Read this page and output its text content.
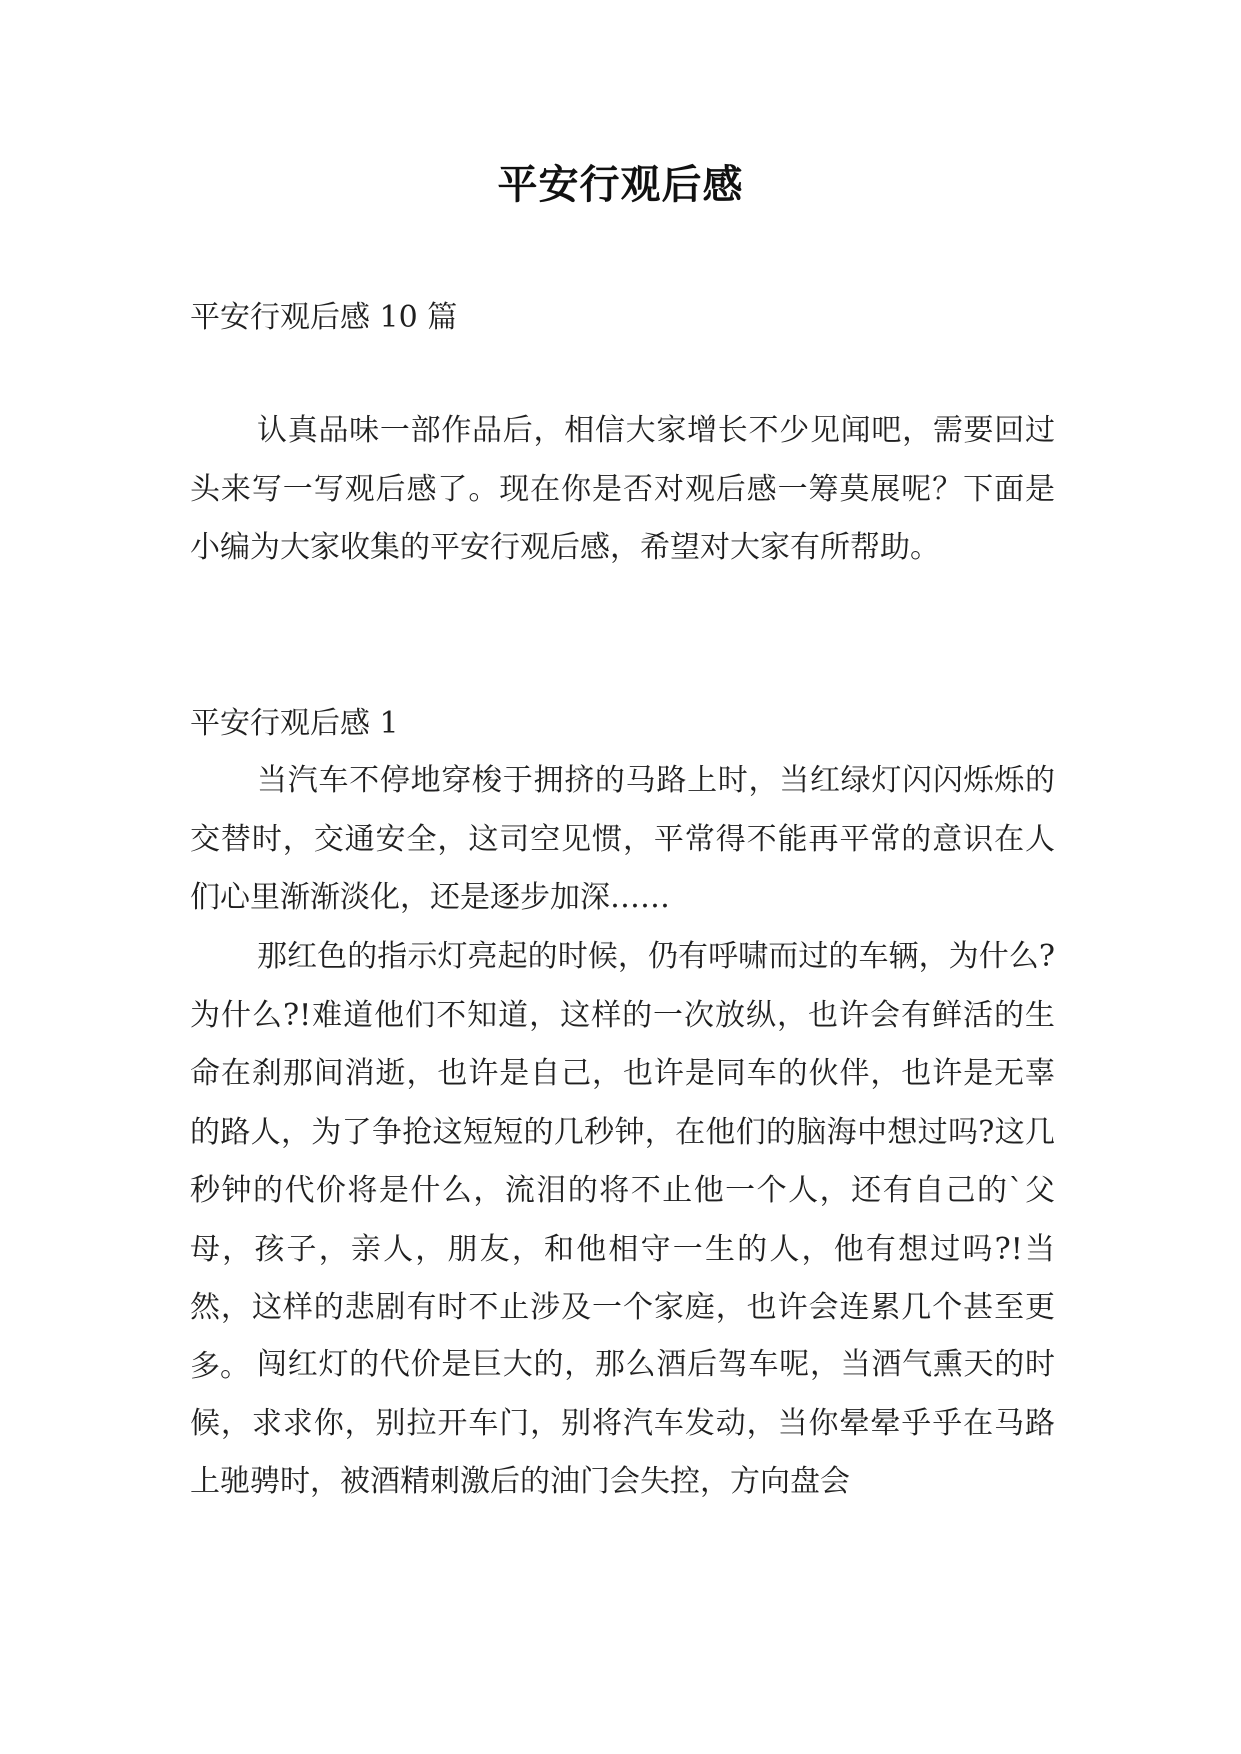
平安行观后感

平安行观后感 10 篇

认真品味一部作品后，相信大家增长不少见闻吧，需要回过头来写一写观后感了。现在你是否对观后感一筹莫展呢？下面是小编为大家收集的平安行观后感，希望对大家有所帮助。

平安行观后感 1

当汽车不停地穿梭于拥挤的马路上时，当红绿灯闪闪烁烁的交替时，交通安全，这司空见惯，平常得不能再平常的意识在人们心里渐渐淡化，还是逐步加深……

那红色的指示灯亮起的时候，仍有呼啸而过的车辆，为什么?为什么?!难道他们不知道，这样的一次放纵，也许会有鲜活的生命在刹那间消逝，也许是自己，也许是同车的伙伴，也许是无辜的路人，为了争抢这短短的几秒钟，在他们的脑海中想过吗?这几秒钟的代价将是什么，流泪的将不止他一个人，还有自己的`父母，孩子，亲人，朋友，和他相守一生的人，他有想过吗?!当然，这样的悲剧有时不止涉及一个家庭，也许会连累几个甚至更多。 闯红灯的代价是巨大的，那么酒后驾车呢，当酒气熏天的时候，求求你，别拉开车门，别将汽车发动，当你晕晕乎乎在马路上驰骋时，被酒精刺激后的油门会失控，方向盘会
